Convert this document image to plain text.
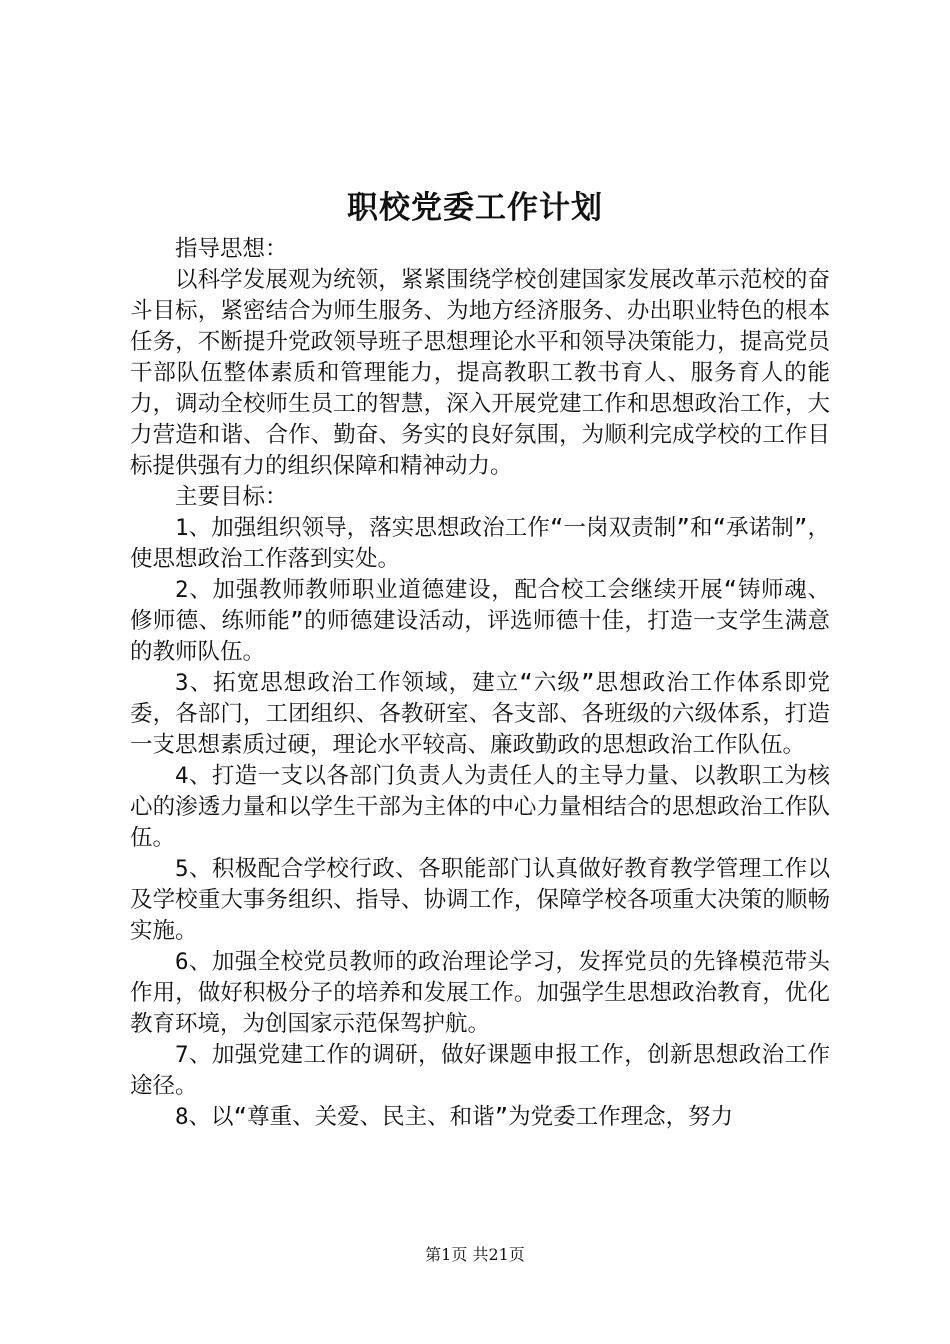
职校党委工作计划

指导思想：

以科学发展观为统领，紧紧围绕学校创建国家发展改革示范校的奋斗目标，紧密结合为师生服务、为地方经济服务、办出职业特色的根本任务，不断提升党政领导班子思想理论水平和领导决策能力，提高党员干部队伍整体素质和管理能力，提高教职工教书育人、服务育人的能力，调动全校师生员工的智慧，深入开展党建工作和思想政治工作，大力营造和谐、合作、勤奋、务实的良好氛围，为顺利完成学校的工作目标提供强有力的组织保障和精神动力。

主要目标：

1、加强组织领导，落实思想政治工作“一岗双责制”和“承诺制”，使思想政治工作落到实处。

2、加强教师教师职业道德建设，配合校工会继续开展“铸师魂、修师德、练师能”的师德建设活动，评选师德十佳，打造一支学生满意的教师队伍。

3、拓宽思想政治工作领域，建立“六级”思想政治工作体系即党委，各部门，工团组织、各教研室、各支部、各班级的六级体系，打造一支思想素质过硬，理论水平较高、廉政勤政的思想政治工作队伍。

4、打造一支以各部门负责人为责任人的主导力量、以教职工为核心的渗透力量和以学生干部为主体的中心力量相结合的思想政治工作队伍。

5、积极配合学校行政、各职能部门认真做好教育教学管理工作以及学校重大事务组织、指导、协调工作，保障学校各项重大决策的顺畅实施。

6、加强全校党员教师的政治理论学习，发挥党员的先锋模范带头作用，做好积极分子的培养和发展工作。加强学生思想政治教育，优化教育环境，为创国家示范保驾护航。

7、加强党建工作的调研，做好课题申报工作，创新思想政治工作途径。

8、以“尊重、关爱、民主、和谐”为党委工作理念，努力

第1页 共21页
